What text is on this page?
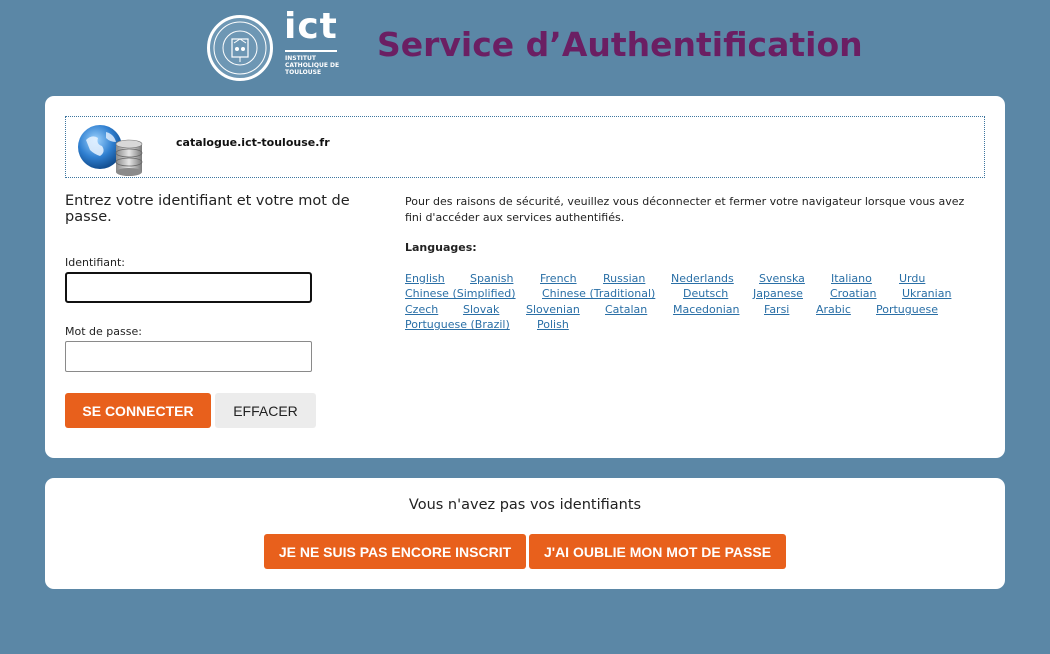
ict
INSTITUT CATHOLIQUE DE TOULOUSE
Service d’Authentification
catalogue.ict-toulouse.fr
Entrez votre identifiant et votre mot de passe.
Identifiant:
Mot de passe:
SE CONNECTER	EFFACER
Pour des raisons de sécurité, veuillez vous déconnecter et fermer votre navigateur lorsque vous avez fini d'accéder aux services authentifiés.
Languages:
English Spanish French Russian Nederlands Svenska Italiano Urdu
Chinese (Simplified) Chinese (Traditional)	Deutsch Japanese Croatian Ukranian
Czech Slovak Slovenian Catalan Macedonian Farsi Arabic Portuguese
Portuguese (Brazil) Polish
Vous n'avez pas vos identifiants
JE NE SUIS PAS ENCORE INSCRIT	J'AI OUBLIE MON MOT DE PASSE
